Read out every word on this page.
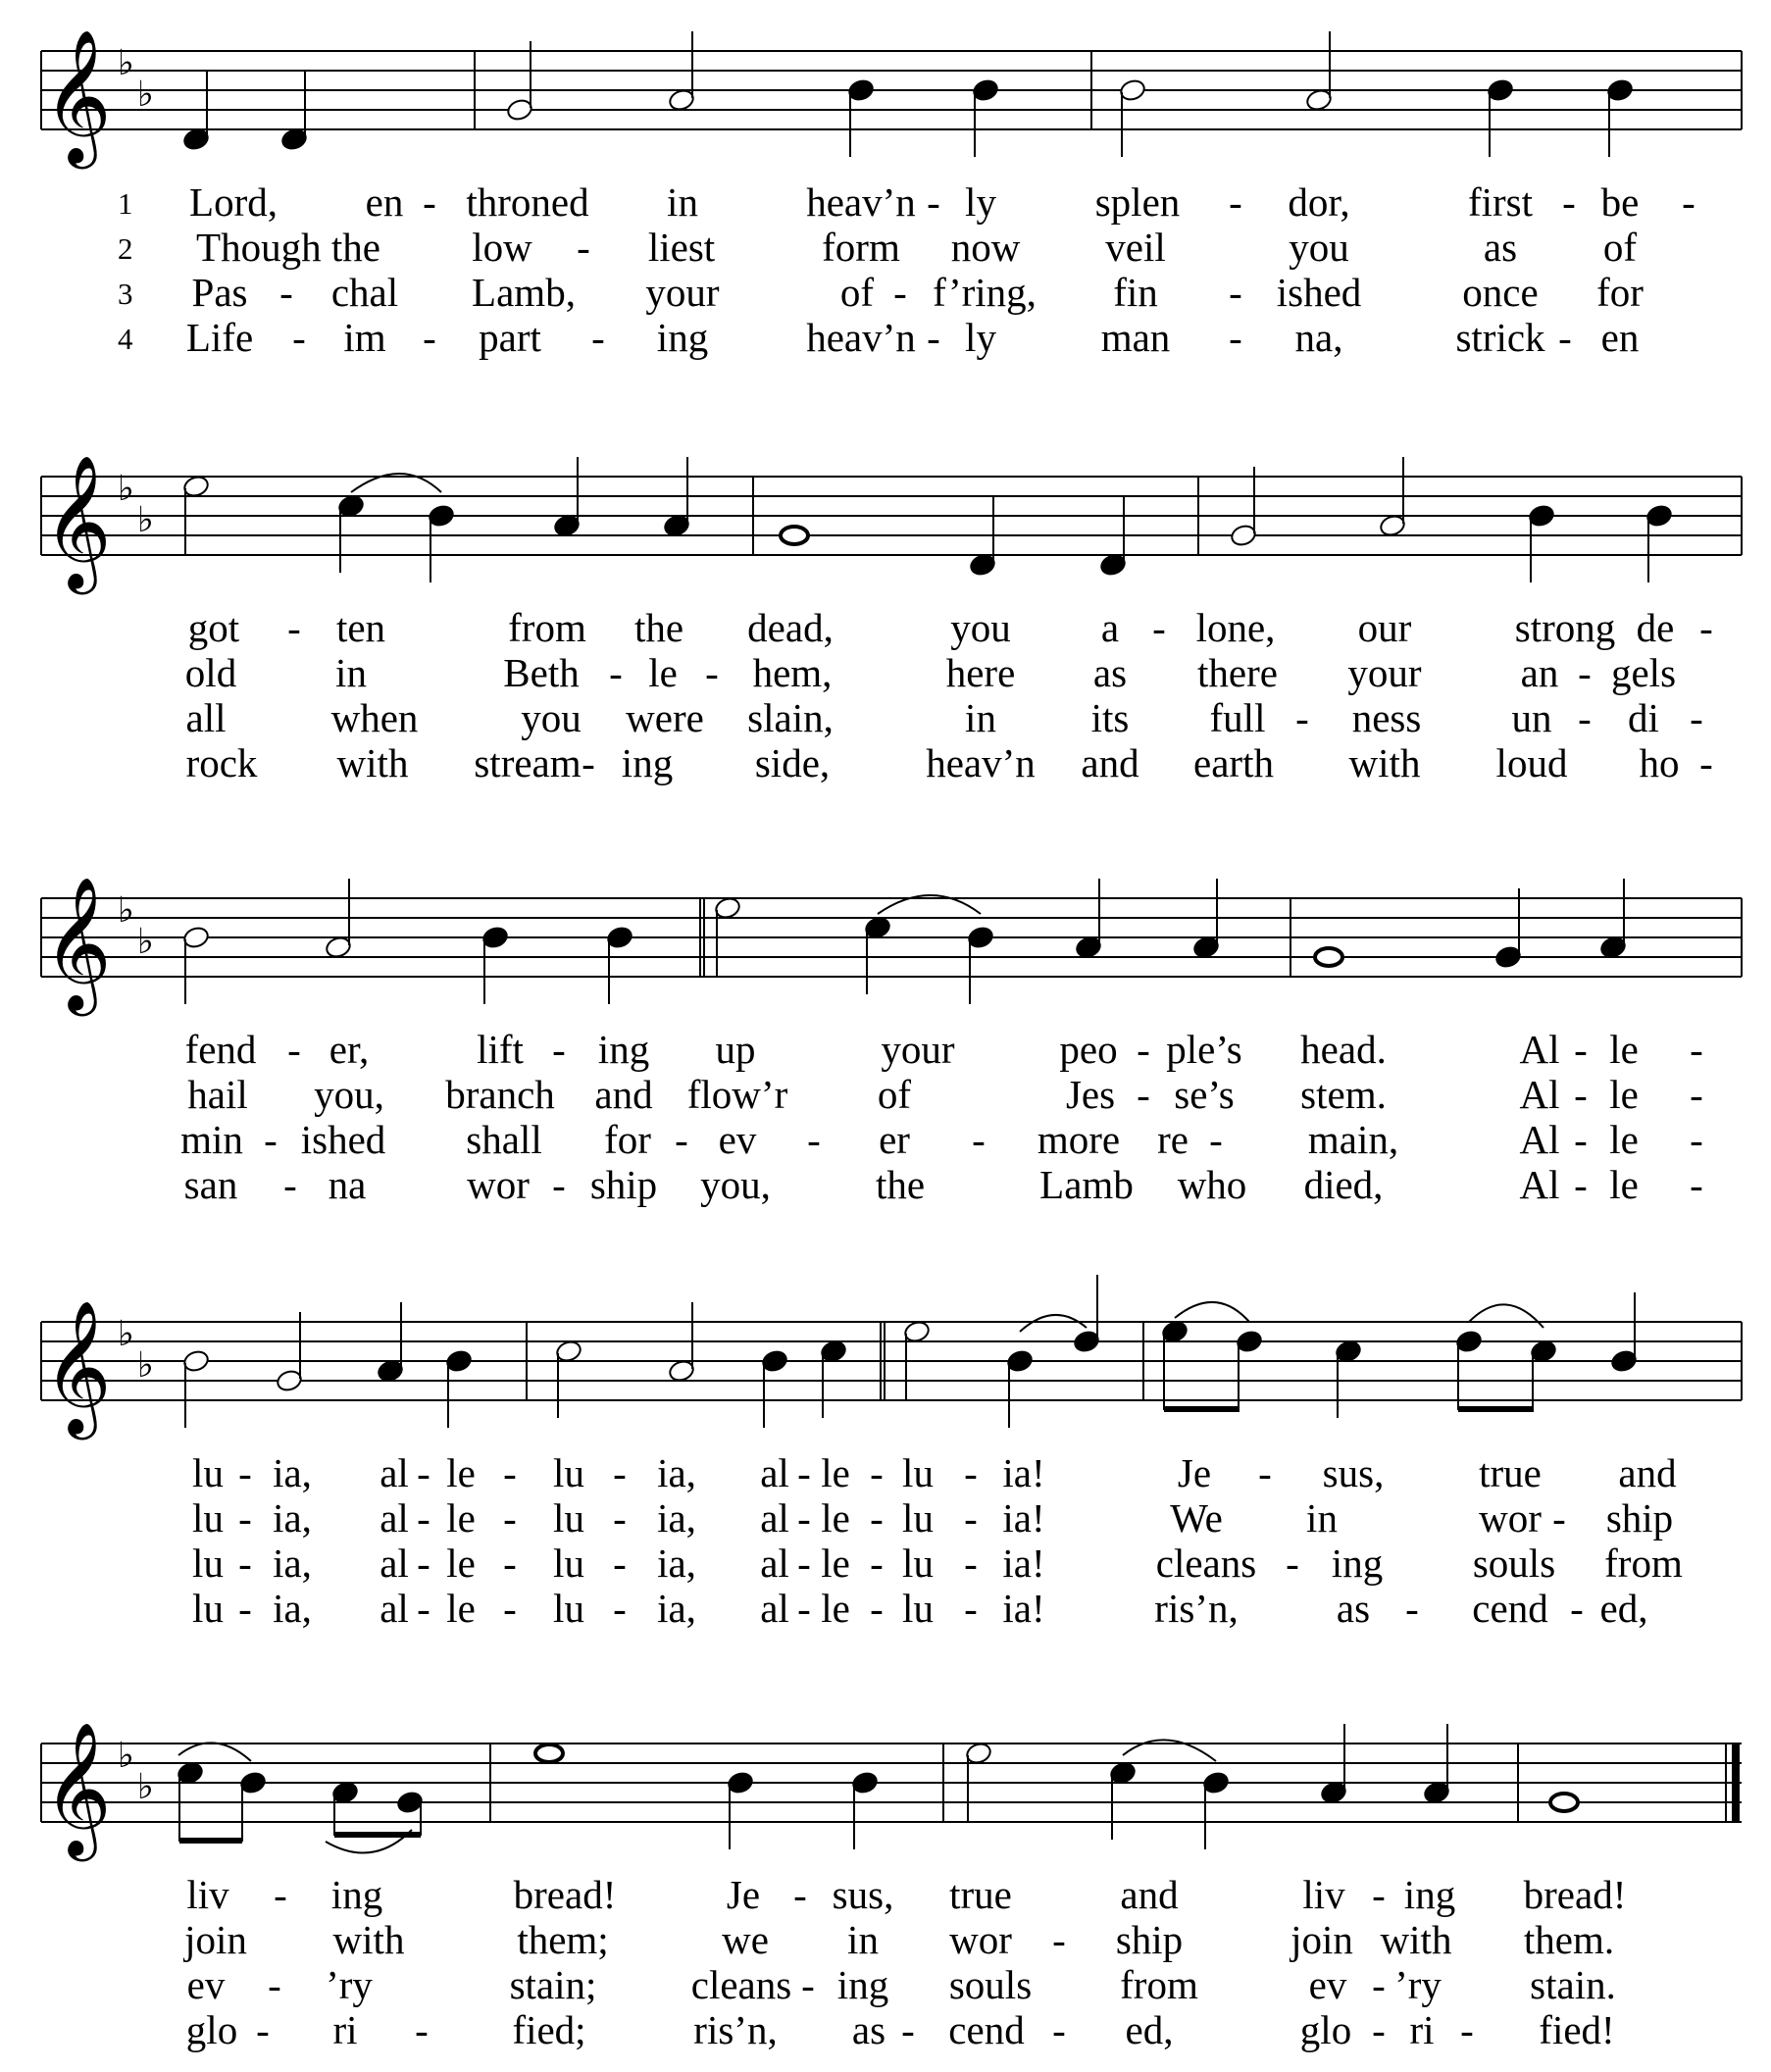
𝄞 ♭
♭
1 Lord, en - throned in	heav’n - ly splen - dor,	first - be -
2 Though the low - liest	form now veil	you	as of
3 Pas - chal Lamb, your	of - f’ring, fin - ished	once for
4 Life - im - part - ing heav’n - ly	man - na,	strick - en
𝄞 ♭
♭
got - ten	from the dead,	you a - lone, our	strong de -
old in	Beth - le - hem,	here as there your an - gels
all	when	you were slain,	in its full - ness un - di -
rock with stream - ing side, heav’n and earth with loud ho -
𝄞 ♭
♭
fend - er,	lift - ing up	your	peo - ple’s head.	Al - le -
hail you, branch and flow’r of	Jes - se’s stem.	Al - le -
min - ished shall for - ev - er - more re - main,	Al - le -
san - na	wor - ship you,	the	Lamb who died,	Al - le -
𝄞 ♭
♭
lu - ia, al - le - lu - ia, al - le - lu - ia!	Je - sus, true and
lu - ia, al - le - lu - ia, al - le - lu - ia!	We in	wor - ship
lu - ia, al - le - lu - ia, al - le - lu - ia!	cleans - ing souls from
lu - ia, al - le - lu - ia, al - le - lu - ia!	ris’n, as - cend - ed,
𝄞 ♭
♭
liv - ing	bread!	Je - sus, true	and	liv - ing bread!
join with	them;	we in wor - ship	join with them.
ev - ’ry	stain; cleans - ing souls from	ev - ’ry stain.
glo - ri - fied;	ris’n, as - cend - ed,	glo - ri - fied!
